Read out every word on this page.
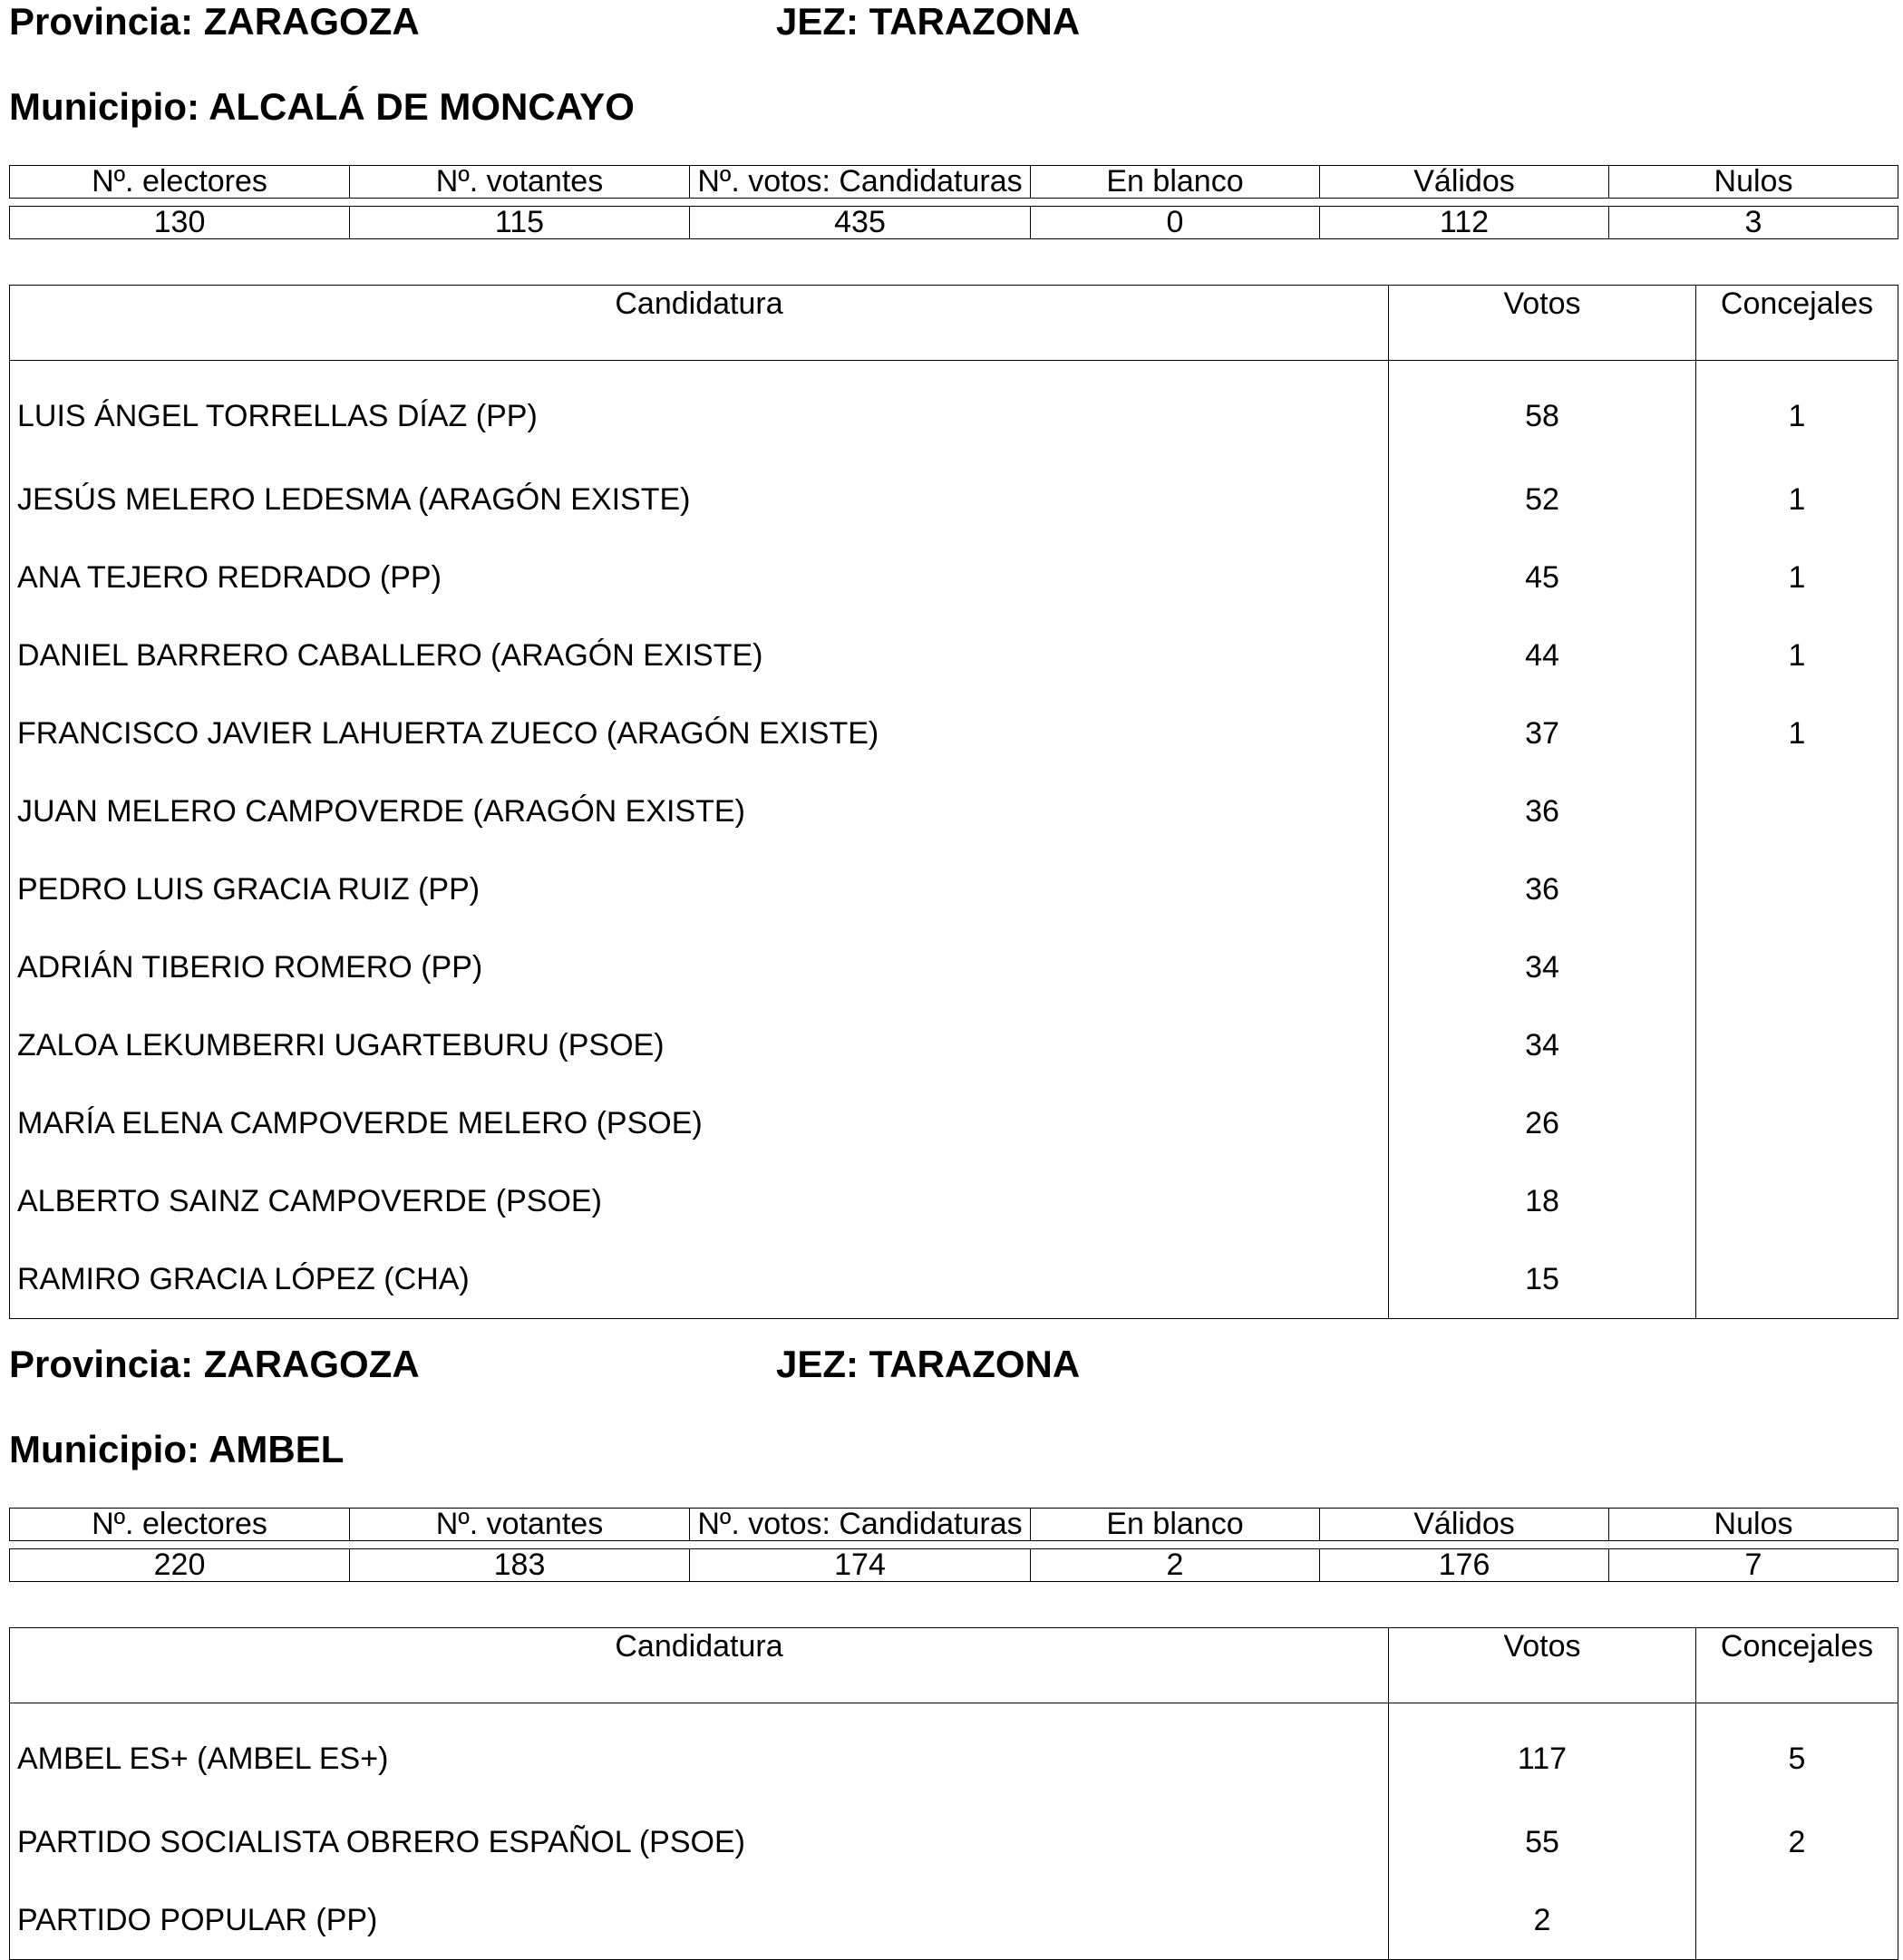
Provincia: ZARAGOZA	JEZ: TARAZONA
Municipio: ALCALÁ DE MONCAYO
Nº. electores	Nº. votantes	Nº. votos: Candidaturas	En blanco	Válidos	Nulos

130	115	435	0	112	3
Candidatura	Votos	Concejales
LUIS ÁNGEL TORRELLAS DÍAZ (PP)	58	1
JESÚS MELERO LEDESMA (ARAGÓN EXISTE)	52	1
ANA TEJERO REDRADO (PP)	45	1
DANIEL BARRERO CABALLERO (ARAGÓN EXISTE)	44	1
FRANCISCO JAVIER LAHUERTA ZUECO (ARAGÓN EXISTE)	37	1
JUAN MELERO CAMPOVERDE (ARAGÓN EXISTE)	36	
PEDRO LUIS GRACIA RUIZ (PP)	36	
ADRIÁN TIBERIO ROMERO (PP)	34	
ZALOA LEKUMBERRI UGARTEBURU (PSOE)	34	
MARÍA ELENA CAMPOVERDE MELERO (PSOE)	26	
ALBERTO SAINZ CAMPOVERDE (PSOE)	18	
RAMIRO GRACIA LÓPEZ (CHA)	15	
Provincia: ZARAGOZA	JEZ: TARAZONA
Municipio: AMBEL
Nº. electores	Nº. votantes	Nº. votos: Candidaturas	En blanco	Válidos	Nulos

220	183	174	2	176	7
Candidatura	Votos	Concejales
AMBEL ES+ (AMBEL ES+)	117	5
PARTIDO SOCIALISTA OBRERO ESPAÑOL (PSOE)	55	2
PARTIDO POPULAR (PP)	2	
